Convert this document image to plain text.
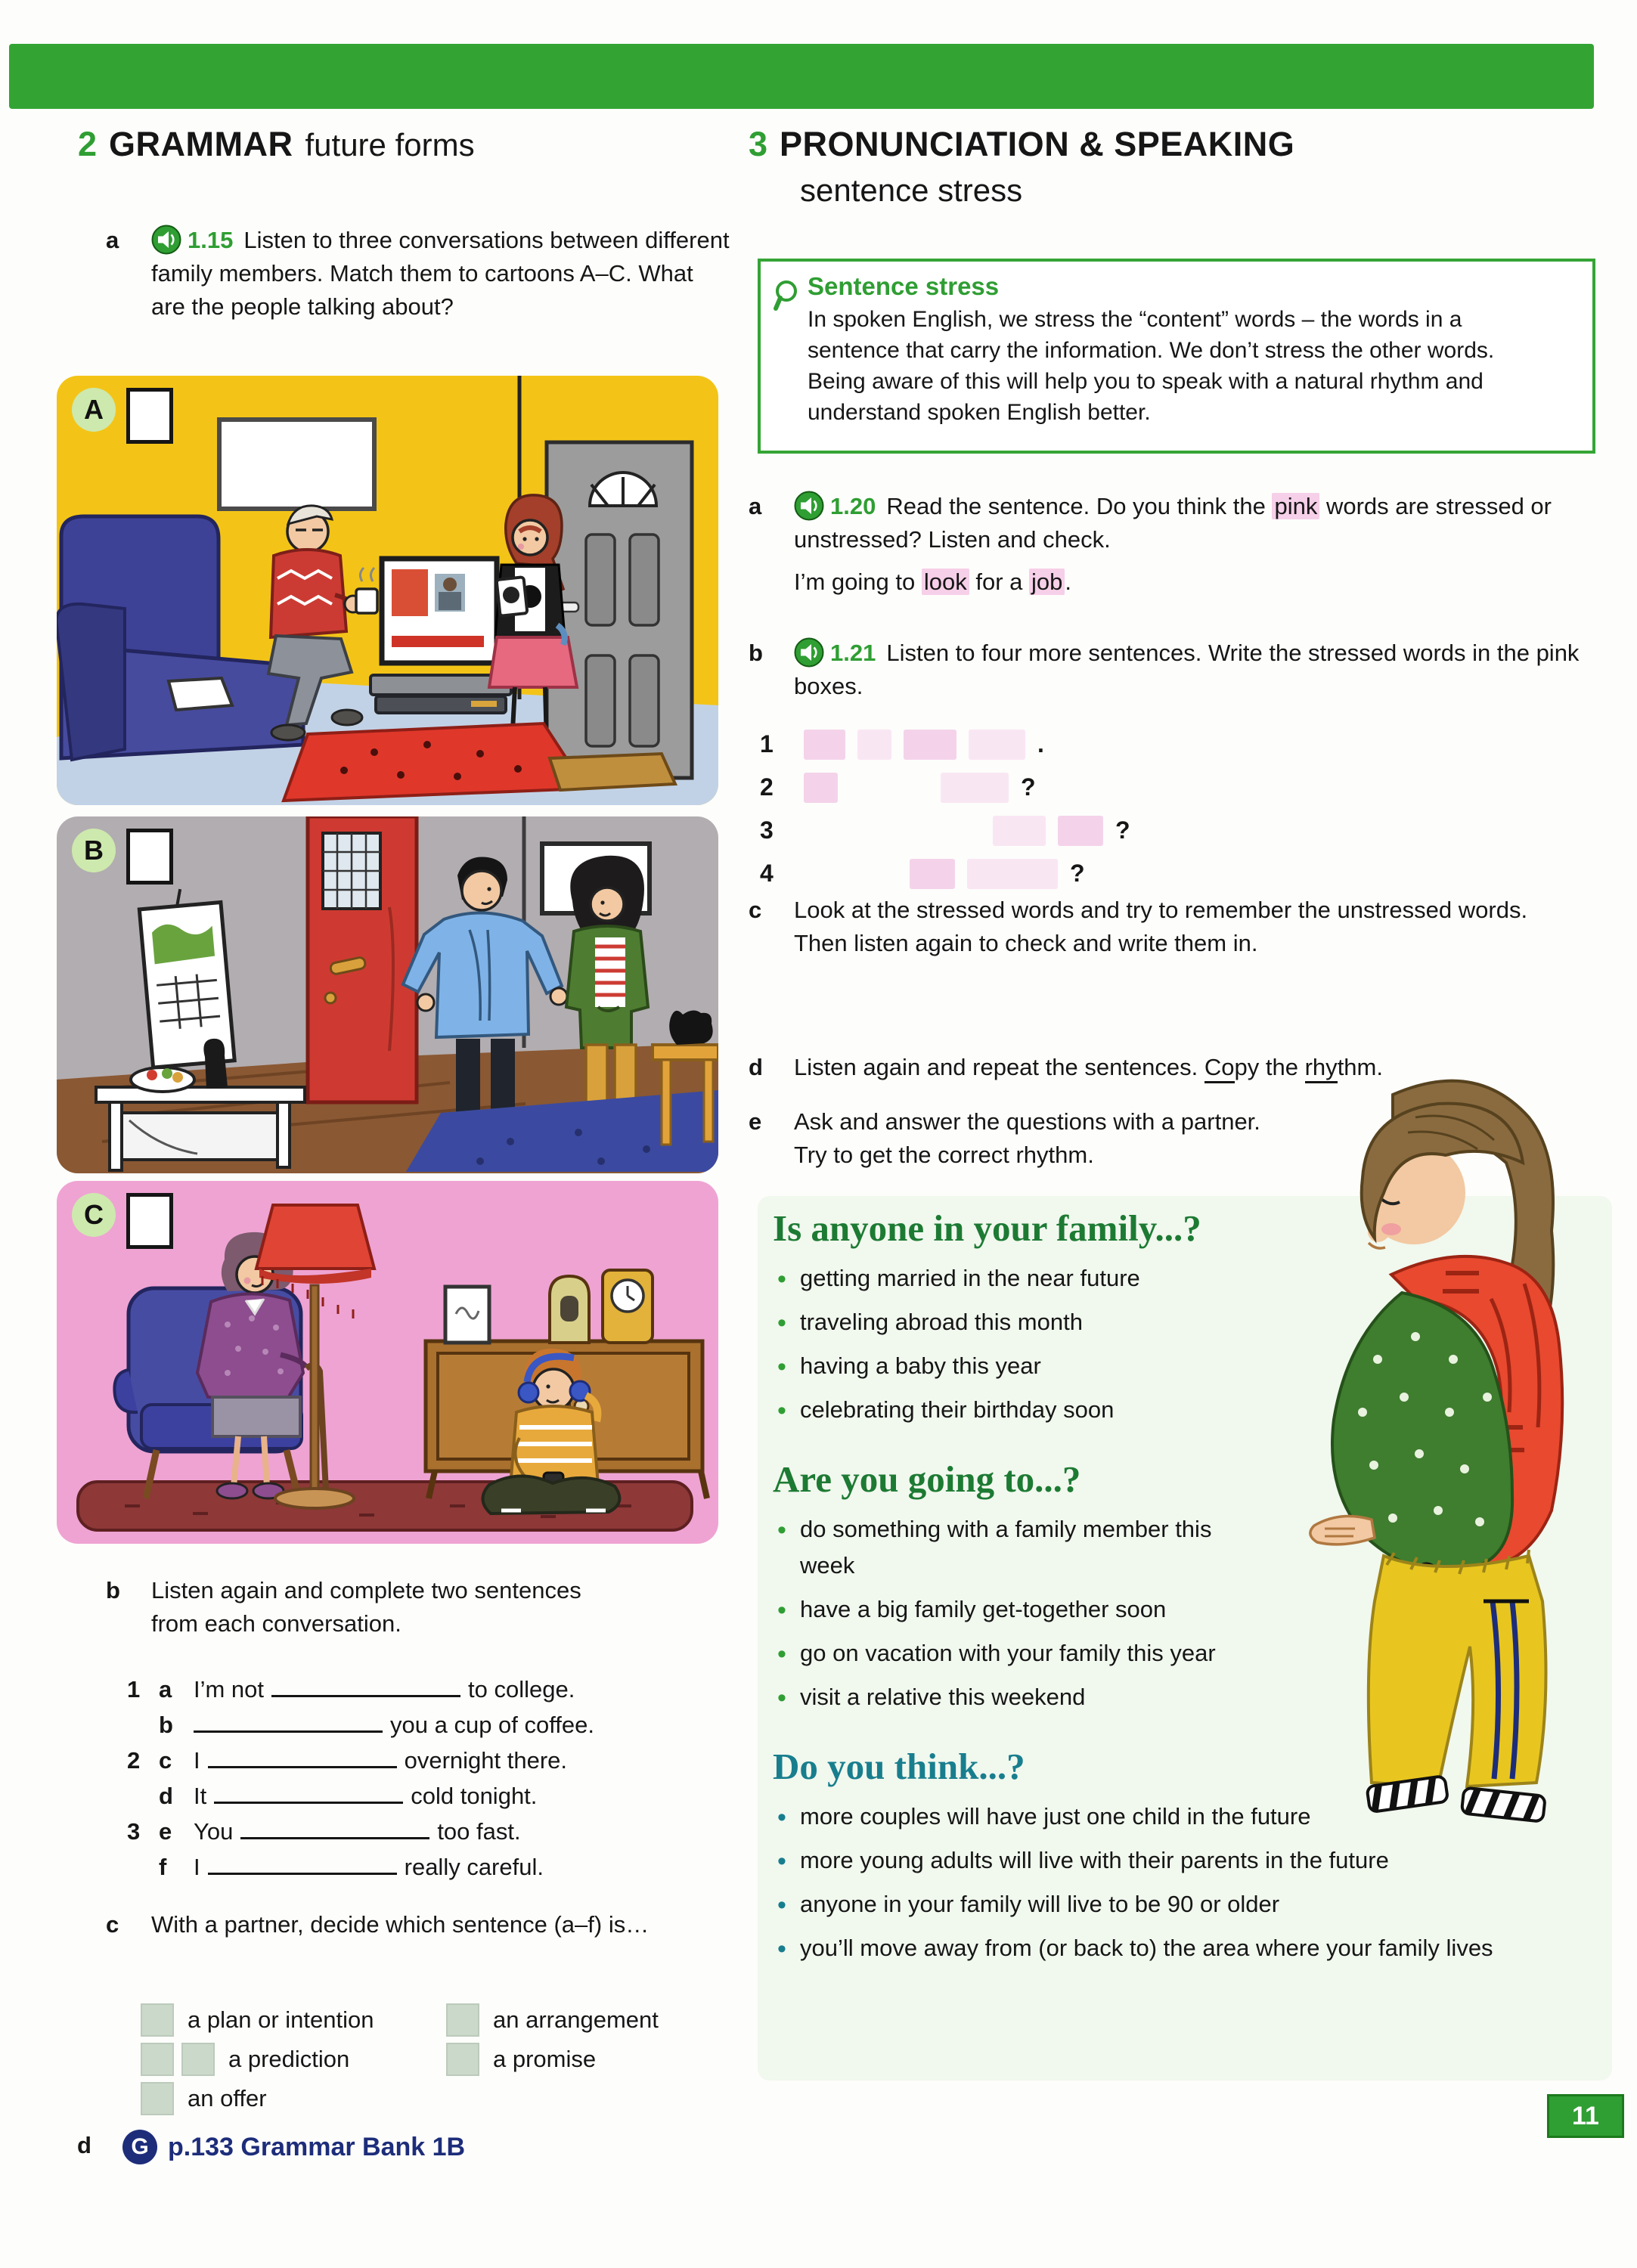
2 GRAMMAR future forms
a	1.15 Listen to three conversations between different family members. Match them to cartoons A–C. What are the people talking about?
A
B
C
b	Listen again and complete two sentences from each conversation.
1 a I’m not	to college.
b	you a cup of coffee.
2 c I	overnight there.
d It	cold tonight.
3 e You	too fast.
f	I	really careful.
c	With a partner, decide which sentence (a–f) is…
a plan or intention	an arrangement
a prediction	a promise
an offer
d	G p.133 Grammar Bank 1B
3 PRONUNCIATION & SPEAKING
sentence stress
Sentence stress
In spoken English, we stress the “content” words – the words in a sentence that carry the information. We don’t stress the other words. Being aware of this will help you to speak with a natural rhythm and understand spoken English better.
a	1.20 Read the sentence. Do you think the pink words are stressed or unstressed? Listen and check.
I’m going to look for a job.
b	1.21 Listen to four more sentences. Write the stressed words in the pink boxes.
1	.
2	?
3	?
4	?
c	Look at the stressed words and try to remember the unstressed words. Then listen again to check and write them in.
d	Listen again and repeat the sentences. Copy the rhythm.
e	Ask and answer the questions with a partner. Try to get the correct rhythm.
Is anyone in your family...?
• getting married in the near future
• traveling abroad this month
• having a baby this year
• celebrating their birthday soon
Are you going to...?
• do something with a family member this week
• have a big family get-together soon
• go on vacation with your family this year
• visit a relative this weekend
Do you think...?
• more couples will have just one child in the future
• more young adults will live with their parents in the future
• anyone in your family will live to be 90 or older
• you’ll move away from (or back to) the area where your family lives
11
